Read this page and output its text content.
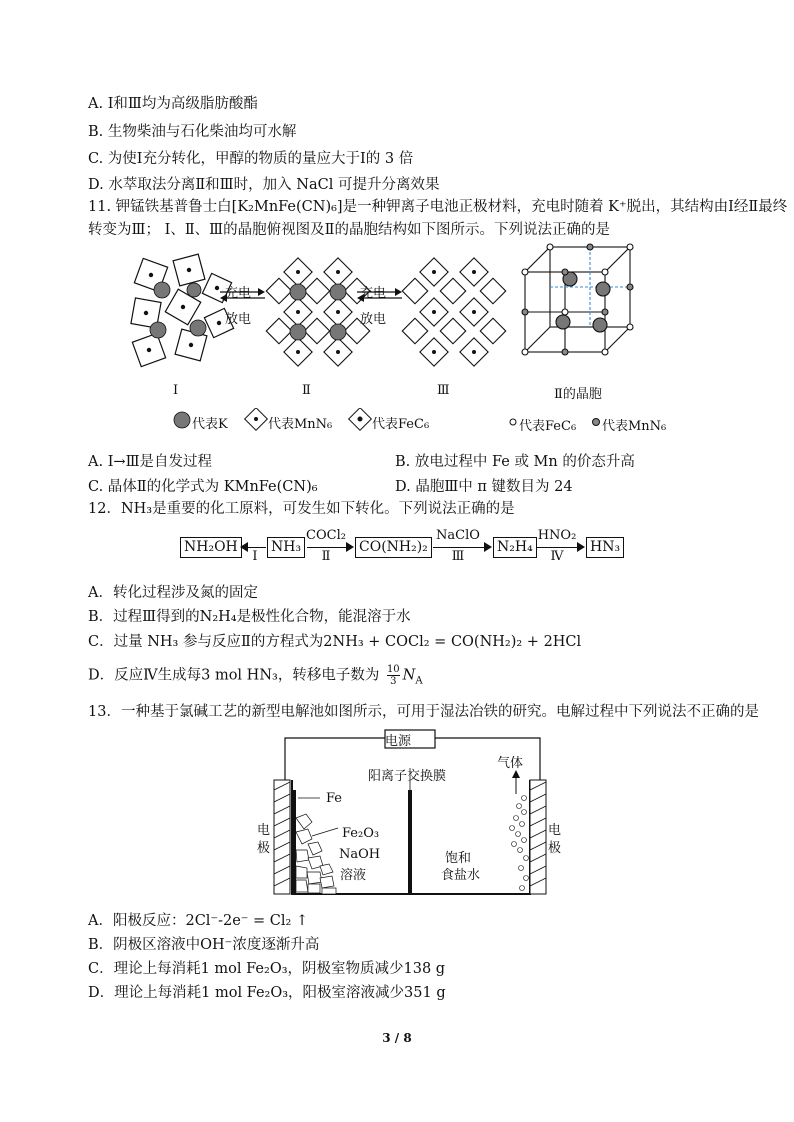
A. Ⅰ和Ⅲ均为高级脂肪酸酯
B. 生物柴油与石化柴油均可水解
C. 为使Ⅰ充分转化，甲醇的物质的量应大于Ⅰ的 3 倍
D. 水萃取法分离Ⅱ和Ⅲ时，加入 NaCl 可提升分离效果
11. 钾锰铁基普鲁士白[K₂MnFe(CN)₆]是一种钾离子电池正极材料，充电时随着 K⁺脱出，其结构由Ⅰ经Ⅱ最终
转变为Ⅲ； Ⅰ、Ⅱ、Ⅲ的晶胞俯视图及Ⅱ的晶胞结构如下图所示。下列说法正确的是
充电
放电
充电
放电
Ⅰ	Ⅱ	Ⅲ	Ⅱ的晶胞
代表K	代表MnN₆	代表FeC₆	代表FeC₆ 代表MnN₆
A. Ⅰ→Ⅲ是自发过程	B. 放电过程中 Fe 或 Mn 的价态升高
C. 晶体Ⅱ的化学式为 KMnFe(CN)₆	D. 晶胞Ⅲ中 π 键数目为 24
12．NH₃是重要的化工原料，可发生如下转化。下列说法正确的是
NH₂OH
Ⅰ
NH₃
COCl₂
Ⅱ
CO(NH₂)₂
NaClO
Ⅲ
N₂H₄
HNO₂
Ⅳ
HN₃
A．转化过程涉及氮的固定
B．过程Ⅲ得到的N₂H₄是极性化合物，能混溶于水
C．过量 NH₃ 参与反应Ⅱ的方程式为2NH₃ + COCl₂ = CO(NH₂)₂ + 2HCl
D．反应Ⅳ生成每3 mol HN₃，转移电子数为 $\frac{10}{3} N_A$
13．一种基于氯碱工艺的新型电解池如图所示，可用于湿法冶铁的研究。电解过程中下列说法不正确的是
电源
阳离子交换膜
气体
Fe
Fe₂O₃
NaOH
溶液
饱和
食盐水
电极
电极
A．阳极反应：2Cl⁻-2e⁻ = Cl₂ ↑
B．阴极区溶液中OH⁻浓度逐渐升高
C．理论上每消耗1 mol Fe₂O₃，阴极室物质减少138 g
D．理论上每消耗1 mol Fe₂O₃，阳极室溶液减少351 g
3 / 8
